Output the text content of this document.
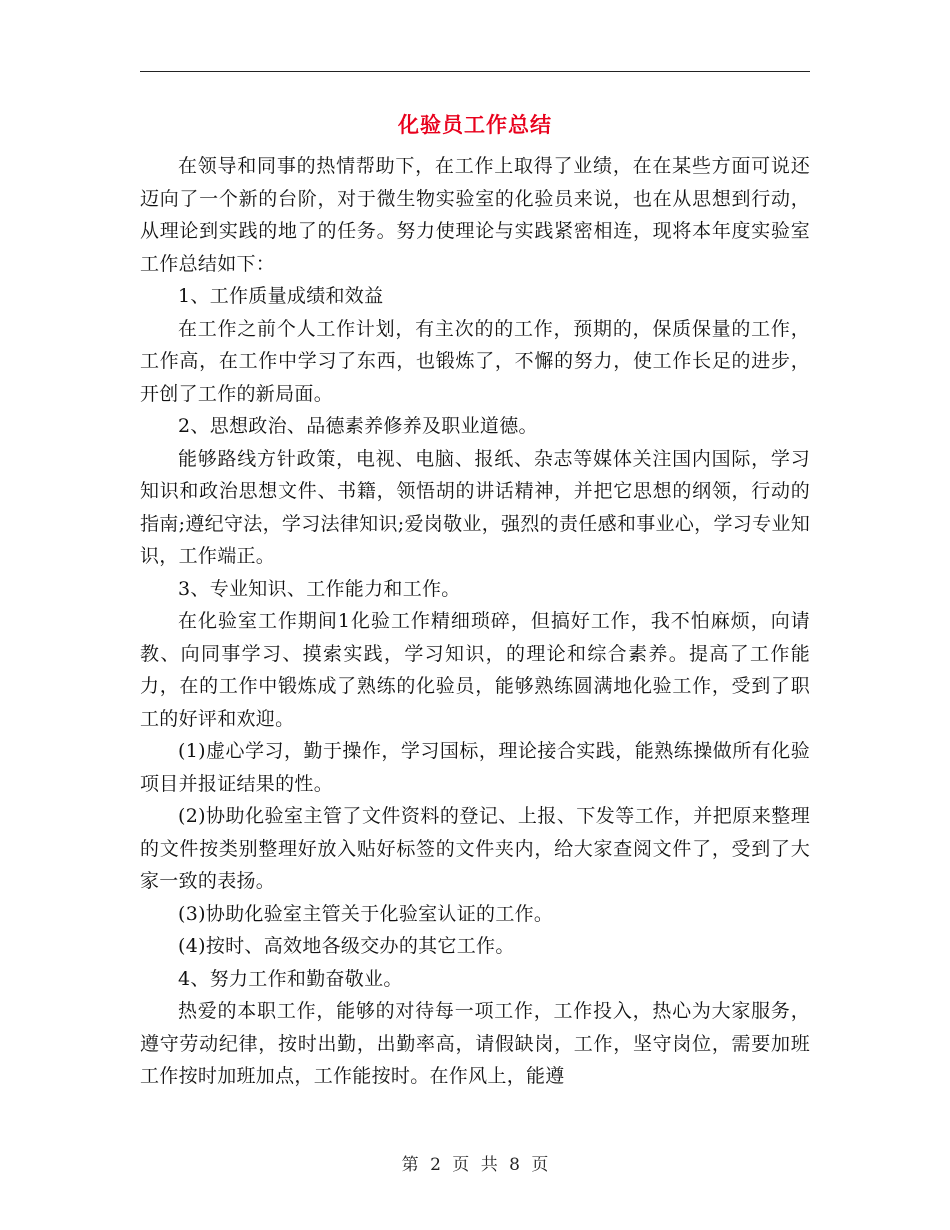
化验员工作总结

在领导和同事的热情帮助下，在工作上取得了业绩，在在某些方面可说还迈向了一个新的台阶，对于微生物实验室的化验员来说，也在从思想到行动，从理论到实践的地了的任务。努力使理论与实践紧密相连，现将本年度实验室工作总结如下：

1、工作质量成绩和效益

在工作之前个人工作计划，有主次的的工作，预期的，保质保量的工作，工作高，在工作中学习了东西，也锻炼了，不懈的努力，使工作长足的进步，开创了工作的新局面。

2、思想政治、品德素养修养及职业道德。

能够路线方针政策，电视、电脑、报纸、杂志等媒体关注国内国际，学习知识和政治思想文件、书籍，领悟胡的讲话精神，并把它思想的纲领，行动的指南;遵纪守法，学习法律知识;爱岗敬业，强烈的责任感和事业心，学习专业知识，工作端正。

3、专业知识、工作能力和工作。

在化验室工作期间1化验工作精细琐碎，但搞好工作，我不怕麻烦，向请教、向同事学习、摸索实践，学习知识，的理论和综合素养。提高了工作能力，在的工作中锻炼成了熟练的化验员，能够熟练圆满地化验工作，受到了职工的好评和欢迎。

(1)虚心学习，勤于操作，学习国标，理论接合实践，能熟练操做所有化验项目并报证结果的性。

(2)协助化验室主管了文件资料的登记、上报、下发等工作，并把原来整理的文件按类别整理好放入贴好标签的文件夹内，给大家查阅文件了，受到了大家一致的表扬。

(3)协助化验室主管关于化验室认证的工作。

(4)按时、高效地各级交办的其它工作。

4、努力工作和勤奋敬业。

热爱的本职工作，能够的对待每一项工作，工作投入，热心为大家服务，遵守劳动纪律，按时出勤，出勤率高，请假缺岗，工作，坚守岗位，需要加班工作按时加班加点，工作能按时。在作风上，能遵

第 2 页 共 8 页
